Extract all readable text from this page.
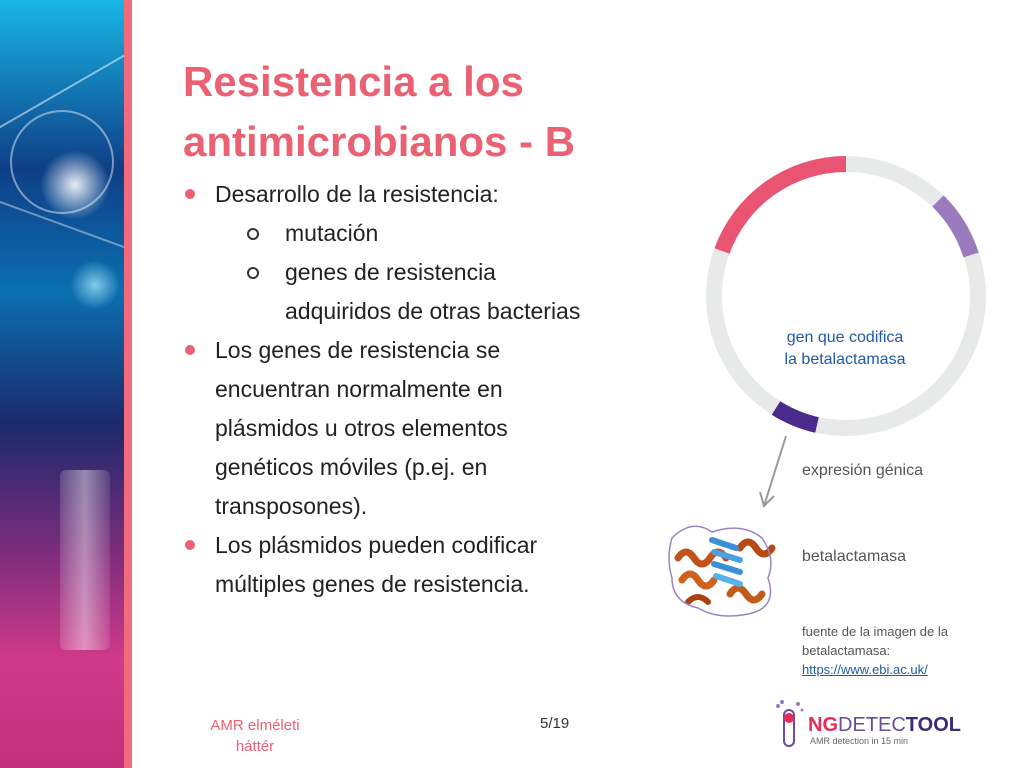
Resistencia a los
antimicrobianos - B
Desarrollo de la resistencia:
mutación
genes de resistencia
adquiridos de otras bacterias
Los genes de resistencia se
encuentran normalmente en
plásmidos u otros elementos
genéticos móviles (p.ej. en
transposones).
Los plásmidos pueden codificar
múltiples genes de resistencia.
gen que codifica
la betalactamasa
expresión génica
betalactamasa
fuente de la imagen de la
betalactamasa:
https://www.ebi.ac.uk/
AMR elméleti
háttér
5/19	NGDETECTOOL
AMR detection in 15 min
